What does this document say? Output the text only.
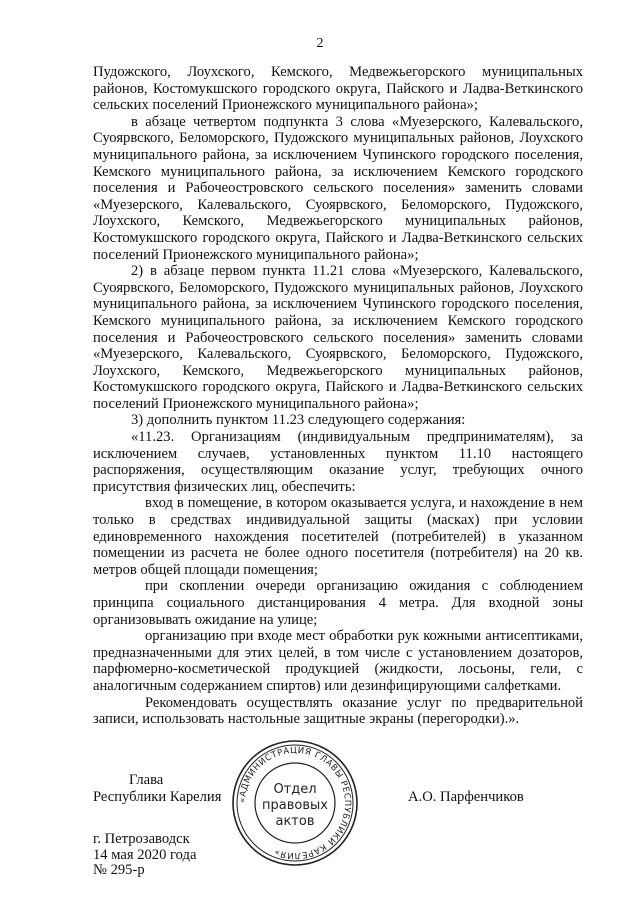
2

Пудожского, Лоухского, Кемского, Медвежьегорского муниципальных районов, Костомукшского городского округа, Пайского и Ладва-Веткинского сельских поселений Прионежского муниципального района»;

в абзаце четвертом подпункта 3 слова «Муезерского, Калевальского, Суоярвского, Беломорского, Пудожского муниципальных районов, Лоухского муниципального района, за исключением Чупинского городского поселения, Кемского муниципального района, за исключением Кемского городского поселения и Рабочеостровского сельского поселения» заменить словами «Муезерского, Калевальского, Суоярвского, Беломорского, Пудожского, Лоухского, Кемского, Медвежьегорского муниципальных районов, Костомукшского городского округа, Пайского и Ладва-Веткинского сельских поселений Прионежского муниципального района»;

2) в абзаце первом пункта 11.21 слова «Муезерского, Калевальского, Суоярвского, Беломорского, Пудожского муниципальных районов, Лоухского муниципального района, за исключением Чупинского городского поселения, Кемского муниципального района, за исключением Кемского городского поселения и Рабочеостровского сельского поселения» заменить словами «Муезерского, Калевальского, Суоярвского, Беломорского, Пудожского, Лоухского, Кемского, Медвежьегорского муниципальных районов, Костомукшского городского округа, Пайского и Ладва-Веткинского сельских поселений Прионежского муниципального района»;

3) дополнить пунктом 11.23 следующего содержания:

«11.23. Организациям (индивидуальным предпринимателям), за исключением случаев, установленных пунктом 11.10 настоящего распоряжения, осуществляющим оказание услуг, требующих очного присутствия физических лиц, обеспечить:

вход в помещение, в котором оказывается услуга, и нахождение в нем только в средствах индивидуальной защиты (масках) при условии единовременного нахождения посетителей (потребителей) в указанном помещении из расчета не более одного посетителя (потребителя) на 20 кв. метров общей площади помещения;

при скоплении очереди организацию ожидания с соблюдением принципа социального дистанцирования 4 метра. Для входной зоны организовывать ожидание на улице;

организацию при входе мест обработки рук кожными антисептиками, предназначенными для этих целей, в том числе с установлением дозаторов, парфюмерно-косметической продукцией (жидкости, лосьоны, гели, с аналогичным содержанием спиртов) или дезинфицирующими салфетками.

Рекомендовать осуществлять оказание услуг по предварительной записи, использовать настольные защитные экраны (перегородки).».

Глава
Республики Карелия	А.О. Парфенчиков
«АДМИНИСТРАЦИЯ ГЛАВЫ РЕСПУБЛИКИ КАРЕЛИЯ»
Отдел
правовых
актов
г. Петрозаводск
14 мая 2020 года
№ 295-р
